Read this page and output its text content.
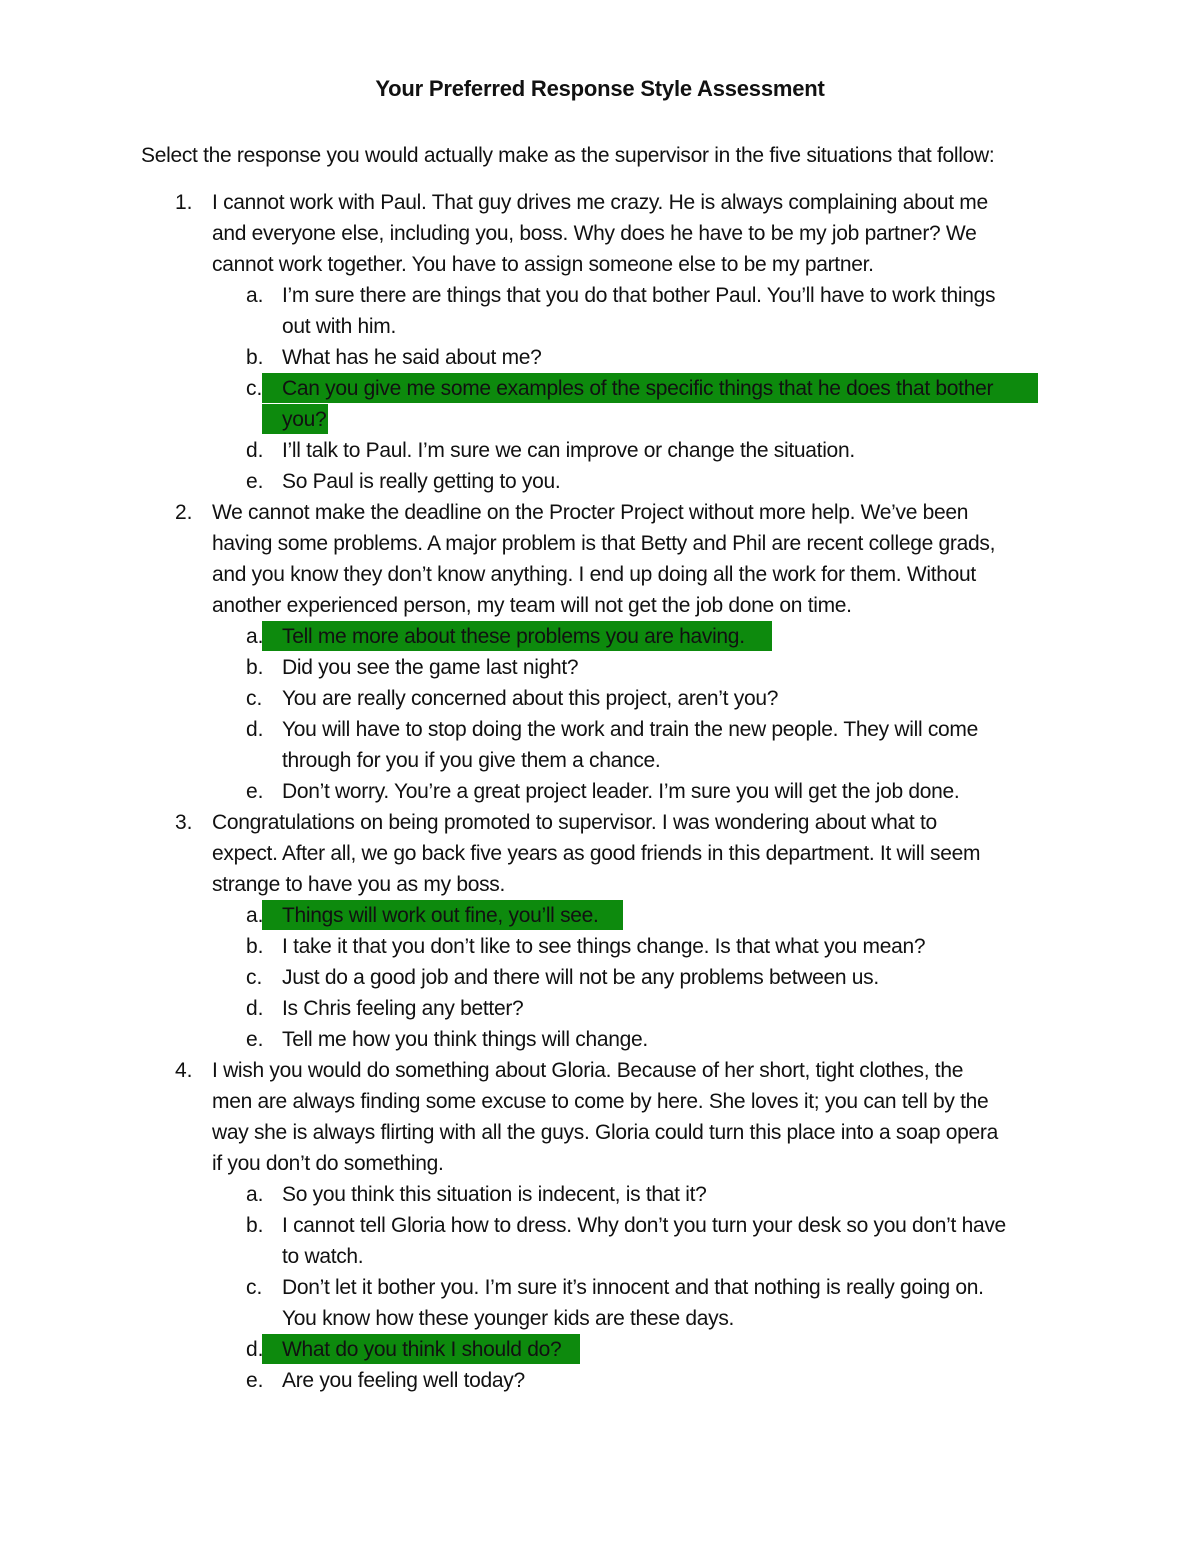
Your Preferred Response Style Assessment
Select the response you would actually make as the supervisor in the five situations that follow:
1. I cannot work with Paul. That guy drives me crazy. He is always complaining about me
and everyone else, including you, boss. Why does he have to be my job partner? We
cannot work together. You have to assign someone else to be my partner.
a. I’m sure there are things that you do that bother Paul. You’ll have to work things
out with him.
b. What has he said about me?
c. Can you give me some examples of the specific things that he does that bother
you?
d. I’ll talk to Paul. I’m sure we can improve or change the situation.
e. So Paul is really getting to you.
2. We cannot make the deadline on the Procter Project without more help. We’ve been
having some problems. A major problem is that Betty and Phil are recent college grads,
and you know they don’t know anything. I end up doing all the work for them. Without
another experienced person, my team will not get the job done on time.
a. Tell me more about these problems you are having.
b. Did you see the game last night?
c. You are really concerned about this project, aren’t you?
d. You will have to stop doing the work and train the new people. They will come
through for you if you give them a chance.
e. Don’t worry. You’re a great project leader. I’m sure you will get the job done.
3. Congratulations on being promoted to supervisor. I was wondering about what to
expect. After all, we go back five years as good friends in this department. It will seem
strange to have you as my boss.
a. Things will work out fine, you’ll see.
b. I take it that you don’t like to see things change. Is that what you mean?
c. Just do a good job and there will not be any problems between us.
d. Is Chris feeling any better?
e. Tell me how you think things will change.
4. I wish you would do something about Gloria. Because of her short, tight clothes, the
men are always finding some excuse to come by here. She loves it; you can tell by the
way she is always flirting with all the guys. Gloria could turn this place into a soap opera
if you don’t do something.
a. So you think this situation is indecent, is that it?
b. I cannot tell Gloria how to dress. Why don’t you turn your desk so you don’t have
to watch.
c. Don’t let it bother you. I’m sure it’s innocent and that nothing is really going on.
You know how these younger kids are these days.
d. What do you think I should do?
e. Are you feeling well today?
